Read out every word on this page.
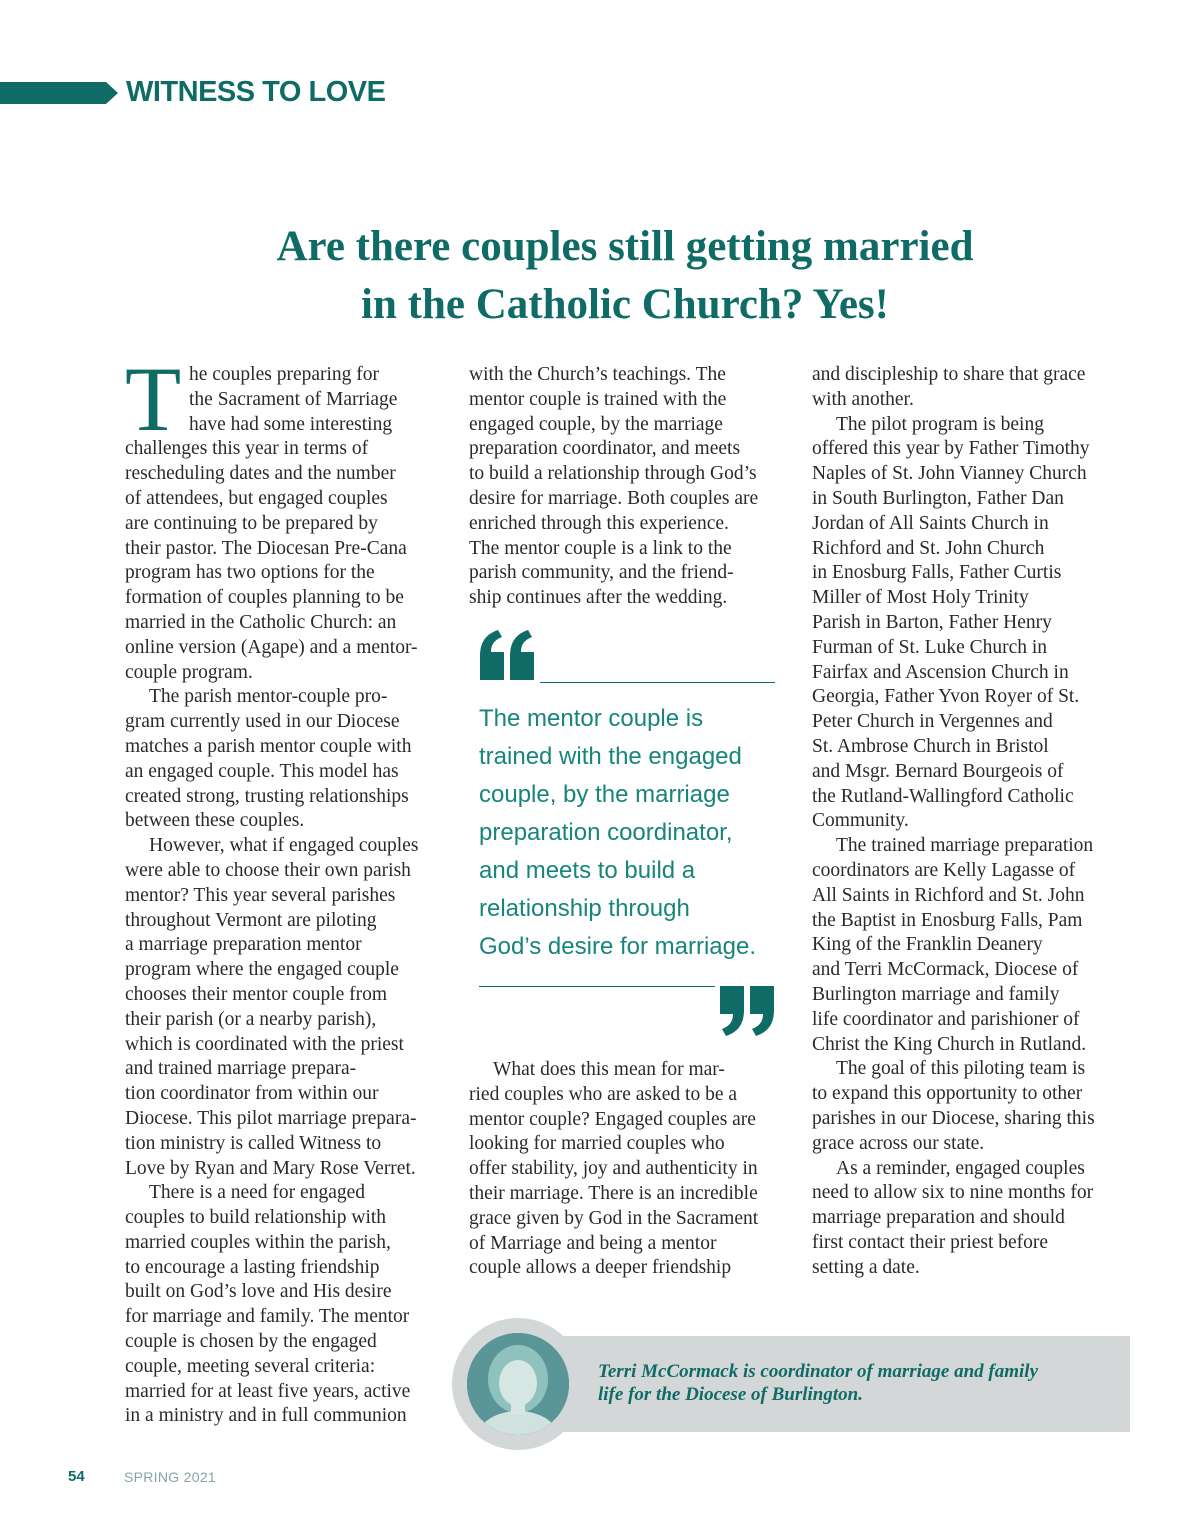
WITNESS TO LOVE
Are there couples still getting married
in the Catholic Church? Yes!
T he couples preparing for
the Sacrament of Marriage
have had some interesting
challenges this year in terms of
rescheduling dates and the number
of attendees, but engaged couples
are continuing to be prepared by
their pastor. The Diocesan Pre-Cana
program has two options for the
formation of couples planning to be
married in the Catholic Church: an
online version (Agape) and a mentor-
couple program.
The parish mentor-couple pro-
gram currently used in our Diocese
matches a parish mentor couple with
an engaged couple. This model has
created strong, trusting relationships
between these couples.
However, what if engaged couples
were able to choose their own parish
mentor? This year several parishes
throughout Vermont are piloting
a marriage preparation mentor
program where the engaged couple
chooses their mentor couple from
their parish (or a nearby parish),
which is coordinated with the priest
and trained marriage prepara-
tion coordinator from within our
Diocese. This pilot marriage prepara-
tion ministry is called Witness to
Love by Ryan and Mary Rose Verret.
There is a need for engaged
couples to build relationship with
married couples within the parish,
to encourage a lasting friendship
built on God’s love and His desire
for marriage and family. The mentor
couple is chosen by the engaged
couple, meeting several criteria:
married for at least five years, active
in a ministry and in full communion
with the Church’s teachings. The
mentor couple is trained with the
engaged couple, by the marriage
preparation coordinator, and meets
to build a relationship through God’s
desire for marriage. Both couples are
enriched through this experience.
The mentor couple is a link to the
parish community, and the friend-
ship continues after the wedding.
The mentor couple is
trained with the engaged
couple, by the marriage
preparation coordinator,
and meets to build a
relationship through
God’s desire for marriage.
What does this mean for mar-
ried couples who are asked to be a
mentor couple? Engaged couples are
looking for married couples who
offer stability, joy and authenticity in
their marriage. There is an incredible
grace given by God in the Sacrament
of Marriage and being a mentor
couple allows a deeper friendship
and discipleship to share that grace
with another.
The pilot program is being
offered this year by Father Timothy
Naples of St. John Vianney Church
in South Burlington, Father Dan
Jordan of All Saints Church in
Richford and St. John Church
in Enosburg Falls, Father Curtis
Miller of Most Holy Trinity
Parish in Barton, Father Henry
Furman of St. Luke Church in
Fairfax and Ascension Church in
Georgia, Father Yvon Royer of St.
Peter Church in Vergennes and
St. Ambrose Church in Bristol
and Msgr. Bernard Bourgeois of
the Rutland-Wallingford Catholic
Community.
The trained marriage preparation
coordinators are Kelly Lagasse of
All Saints in Richford and St. John
the Baptist in Enosburg Falls, Pam
King of the Franklin Deanery
and Terri McCormack, Diocese of
Burlington marriage and family
life coordinator and parishioner of
Christ the King Church in Rutland.
The goal of this piloting team is
to expand this opportunity to other
parishes in our Diocese, sharing this
grace across our state.
As a reminder, engaged couples
need to allow six to nine months for
marriage preparation and should
first contact their priest before
setting a date.
Terri McCormack is coordinator of marriage and family
life for the Diocese of Burlington.
54	SPRING 2021
